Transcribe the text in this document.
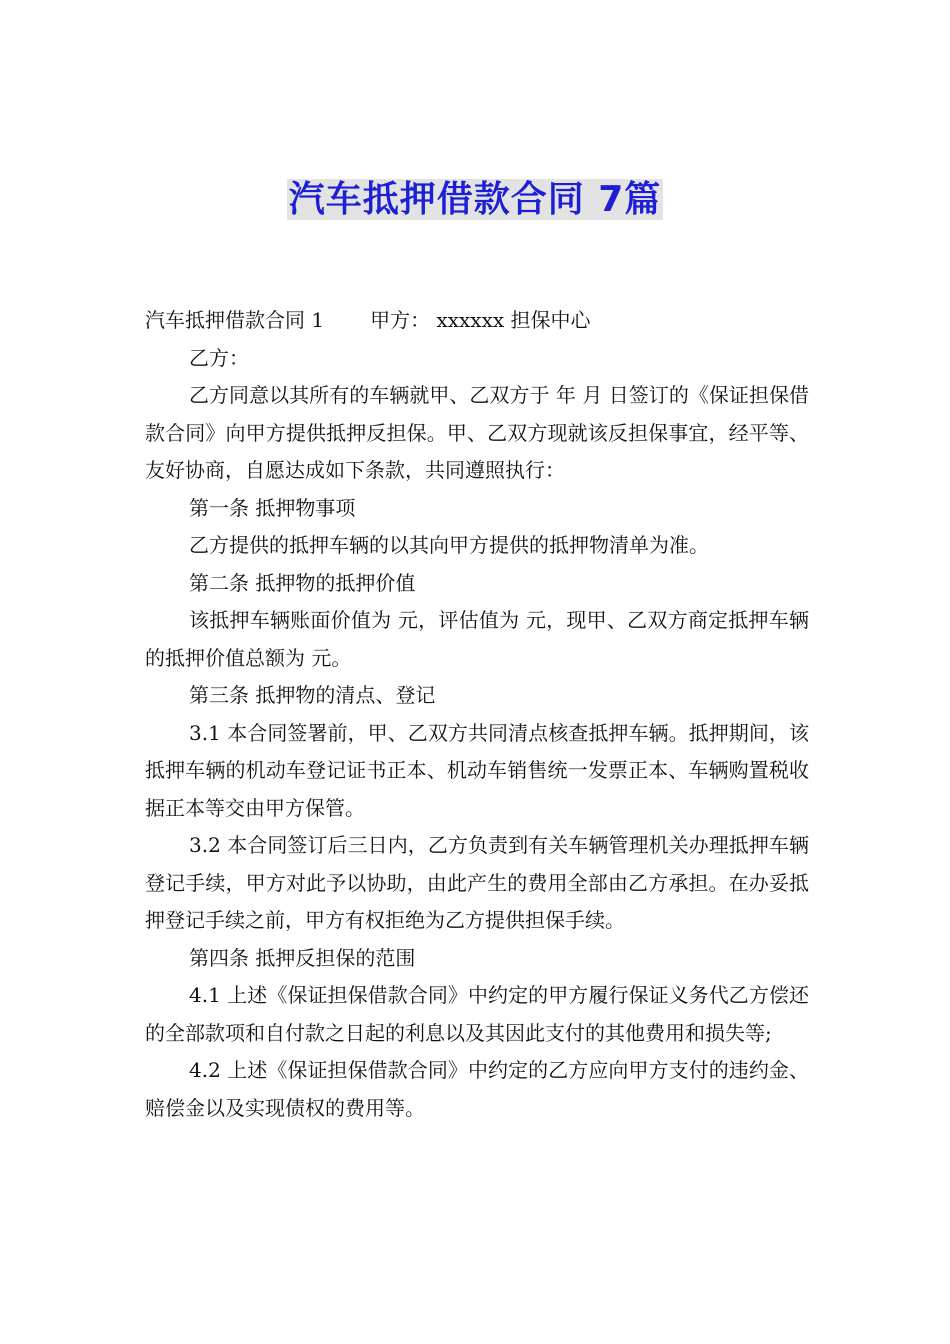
汽车抵押借款合同 7篇

汽车抵押借款合同 1 甲方： xxxxxx 担保中心

乙方：

乙方同意以其所有的车辆就甲、乙双方于 年 月 日签订的《保证担保借款合同》向甲方提供抵押反担保。甲、乙双方现就该反担保事宜，经平等、友好协商，自愿达成如下条款，共同遵照执行：

第一条 抵押物事项

乙方提供的抵押车辆的以其向甲方提供的抵押物清单为准。

第二条 抵押物的抵押价值

该抵押车辆账面价值为 元，评估值为 元，现甲、乙双方商定抵押车辆的抵押价值总额为 元。

第三条 抵押物的清点、登记

3.1 本合同签署前，甲、乙双方共同清点核查抵押车辆。抵押期间，该抵押车辆的机动车登记证书正本、机动车销售统一发票正本、车辆购置税收据正本等交由甲方保管。

3.2 本合同签订后三日内，乙方负责到有关车辆管理机关办理抵押车辆登记手续，甲方对此予以协助，由此产生的费用全部由乙方承担。在办妥抵押登记手续之前，甲方有权拒绝为乙方提供担保手续。

第四条 抵押反担保的范围

4.1 上述《保证担保借款合同》中约定的甲方履行保证义务代乙方偿还的全部款项和自付款之日起的利息以及其因此支付的其他费用和损失等;

4.2 上述《保证担保借款合同》中约定的乙方应向甲方支付的违约金、赔偿金以及实现债权的费用等。
